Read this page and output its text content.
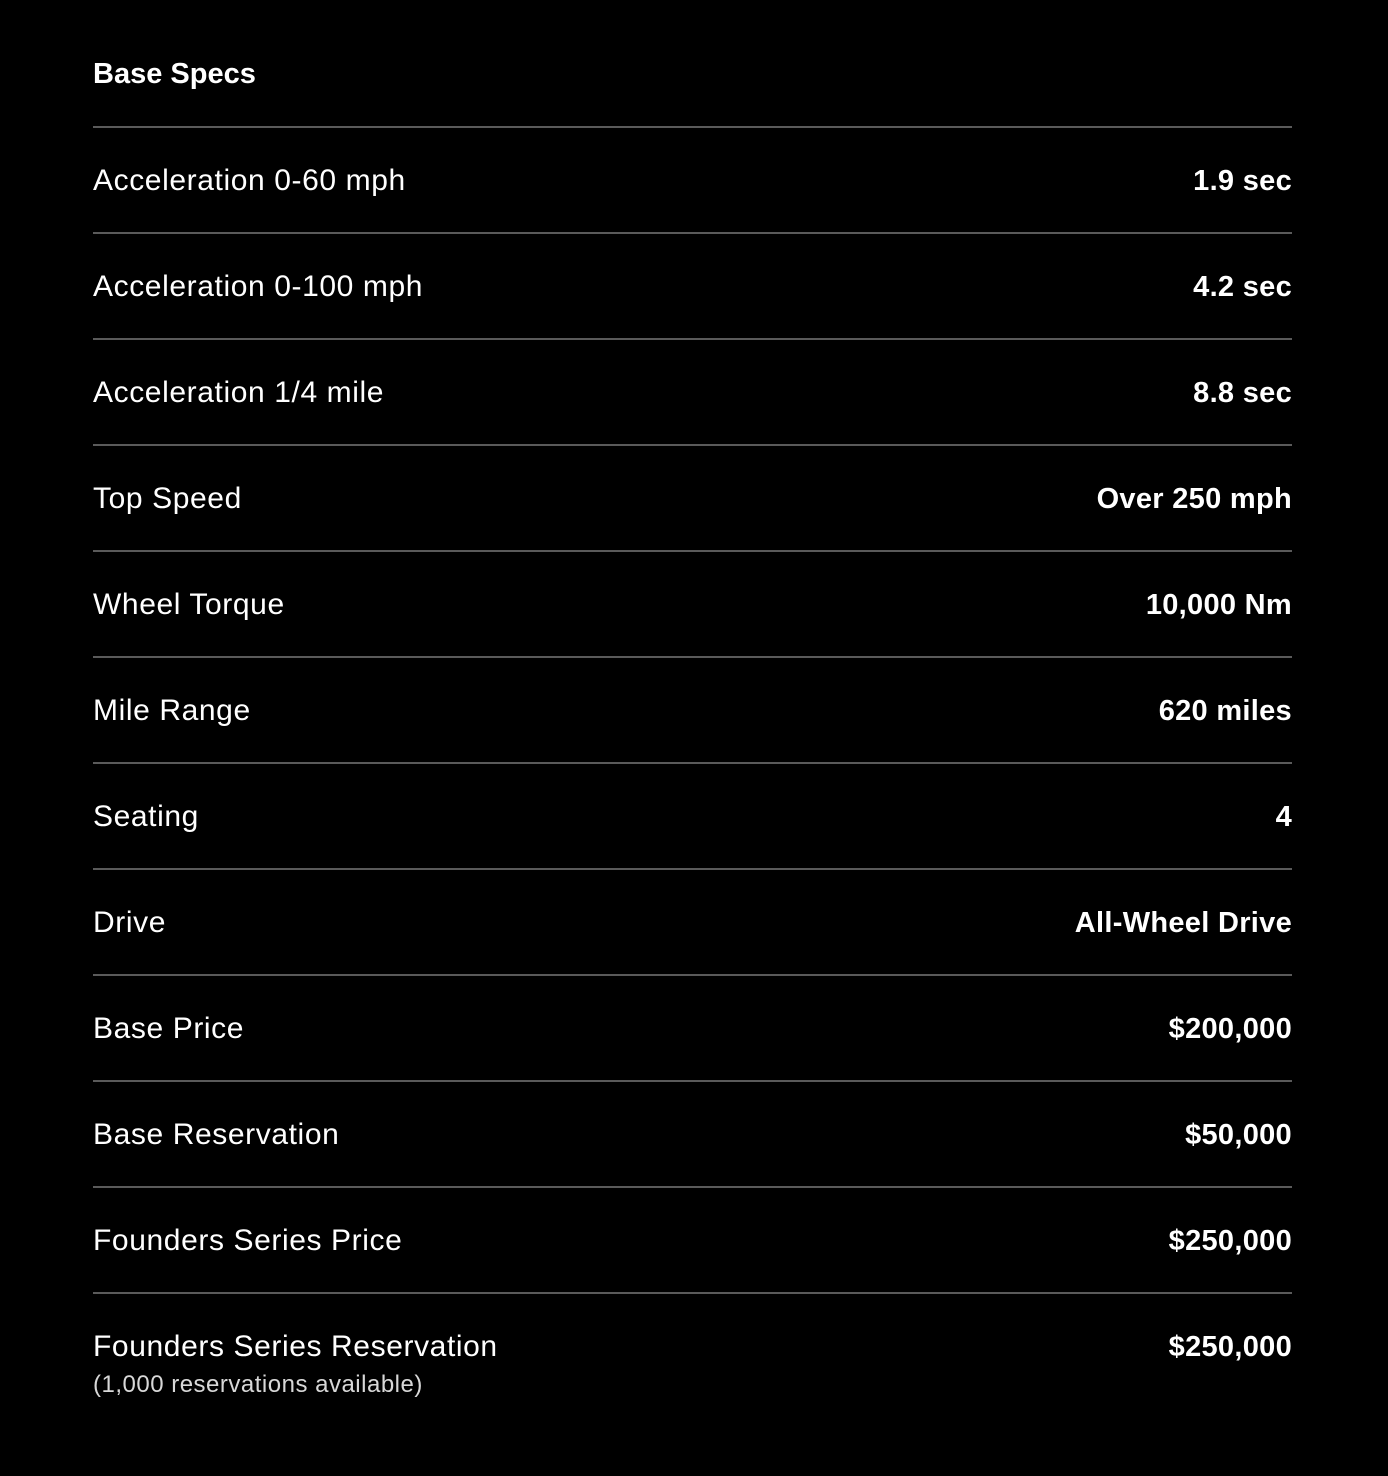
Base Specs
Acceleration 0-60 mph	1.9 sec
Acceleration 0-100 mph	4.2 sec
Acceleration 1/4 mile	8.8 sec
Top Speed	Over 250 mph
Wheel Torque	10,000 Nm
Mile Range	620 miles
Seating	4
Drive	All-Wheel Drive
Base Price	$200,000
Base Reservation	$50,000
Founders Series Price	$250,000
Founders Series Reservation	$250,000
(1,000 reservations available)
